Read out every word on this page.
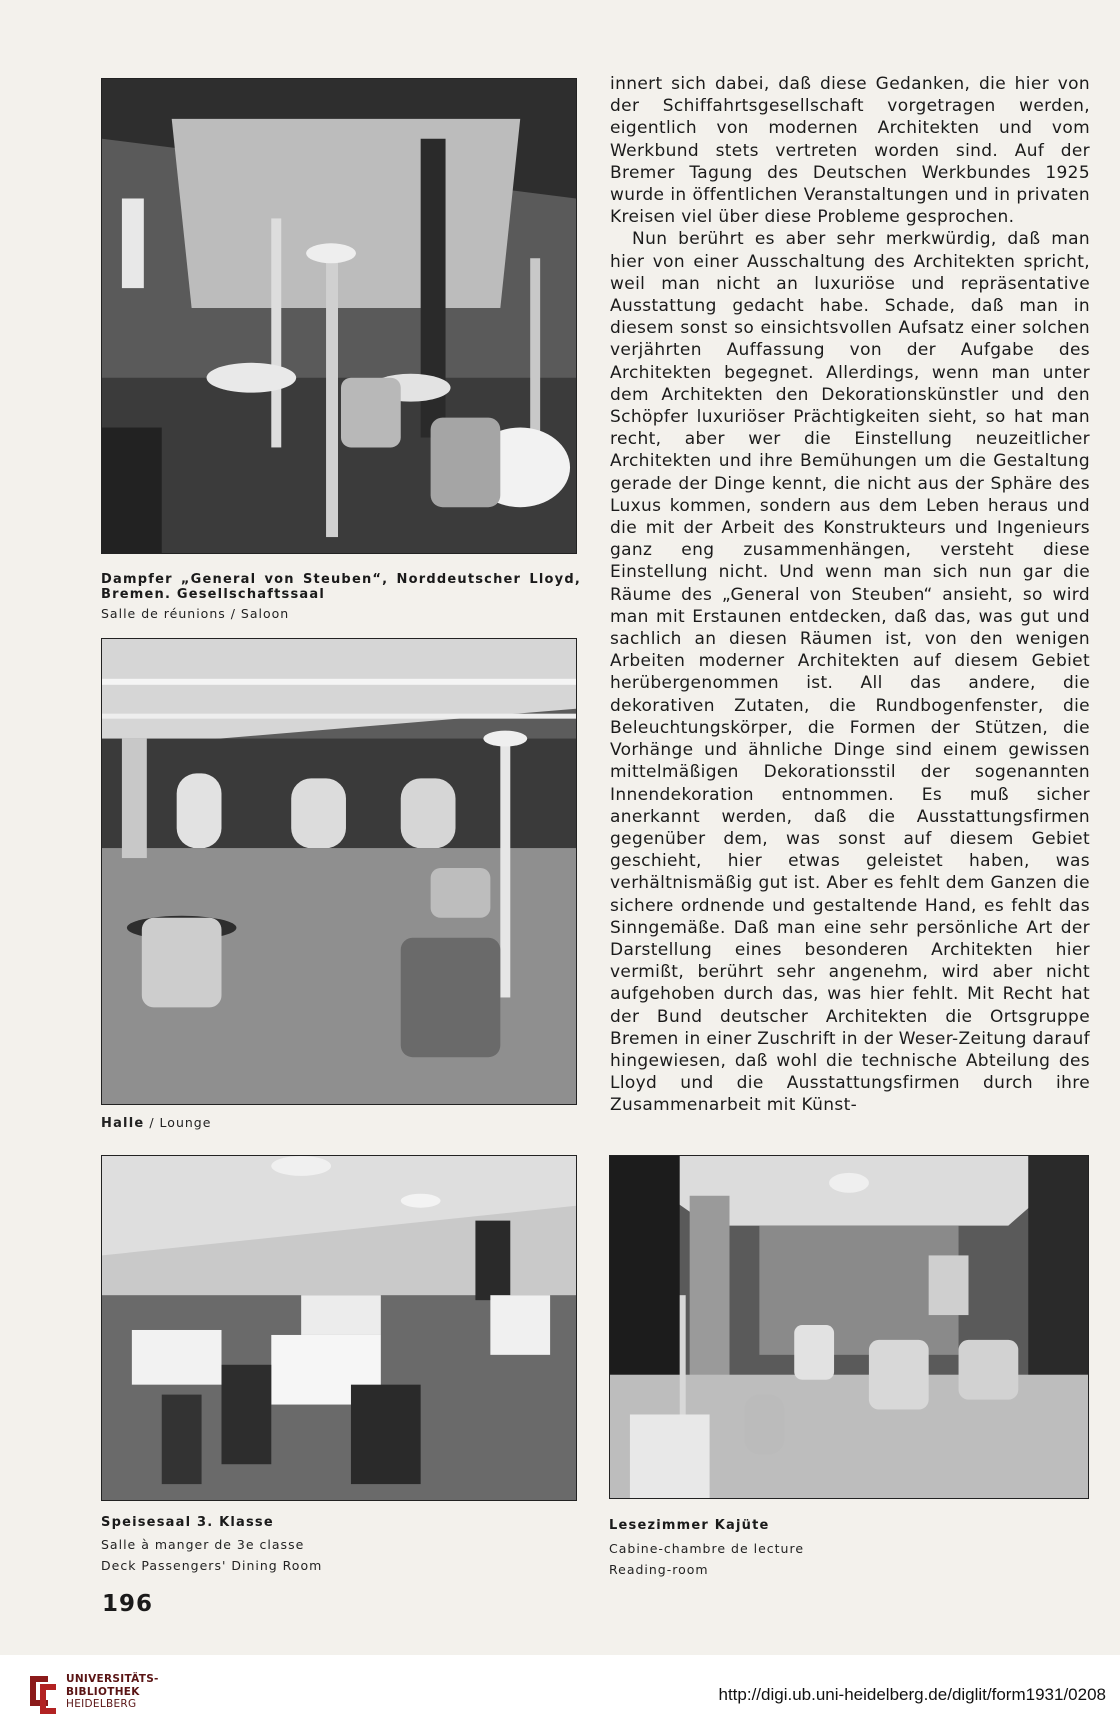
Dampfer „General von Steuben“, Norddeutscher Lloyd, Bremen. Gesellschaftssaal
Salle de réunions / Saloon
Halle / Lounge
Speisesaal 3. Klasse
Salle à manger de 3e classe
Deck Passengers' Dining Room
Lesezimmer Kajüte
Cabine-chambre de lecture
Reading-room

innert sich dabei, daß diese Gedanken, die hier von der Schiffahrtsgesellschaft vorgetragen werden, eigentlich von modernen Architekten und vom Werkbund stets vertreten worden sind. Auf der Bremer Tagung des Deutschen Werkbundes 1925 wurde in öffentlichen Veranstaltungen und in privaten Kreisen viel über diese Probleme gesprochen.

Nun berührt es aber sehr merkwürdig, daß man hier von einer Ausschaltung des Architekten spricht, weil man nicht an luxuriöse und repräsentative Ausstattung gedacht habe. Schade, daß man in diesem sonst so einsichtsvollen Aufsatz einer solchen verjährten Auffassung von der Aufgabe des Architekten begegnet. Allerdings, wenn man unter dem Architekten den Dekorationskünstler und den Schöpfer luxuriöser Prächtigkeiten sieht, so hat man recht, aber wer die Einstellung neuzeitlicher Architekten und ihre Bemühungen um die Gestaltung gerade der Dinge kennt, die nicht aus der Sphäre des Luxus kommen, sondern aus dem Leben heraus und die mit der Arbeit des Konstrukteurs und Ingenieurs ganz eng zusammenhängen, versteht diese Einstellung nicht. Und wenn man sich nun gar die Räume des „General von Steuben“ ansieht, so wird man mit Erstaunen entdecken, daß das, was gut und sachlich an diesen Räumen ist, von den wenigen Arbeiten moderner Architekten auf diesem Gebiet herübergenommen ist. All das andere, die dekorativen Zutaten, die Rundbogenfenster, die Beleuchtungskörper, die Formen der Stützen, die Vorhänge und ähnliche Dinge sind einem gewissen mittelmäßigen Dekorationsstil der sogenannten Innendekoration entnommen. Es muß sicher anerkannt werden, daß die Ausstattungsfirmen gegenüber dem, was sonst auf diesem Gebiet geschieht, hier etwas geleistet haben, was verhältnismäßig gut ist. Aber es fehlt dem Ganzen die sichere ordnende und gestaltende Hand, es fehlt das Sinngemäße. Daß man eine sehr persönliche Art der Darstellung eines besonderen Architekten hier vermißt, berührt sehr angenehm, wird aber nicht aufgehoben durch das, was hier fehlt. Mit Recht hat der Bund deutscher Architekten die Ortsgruppe Bremen in einer Zuschrift in der Weser-Zeitung darauf hingewiesen, daß wohl die technische Abteilung des Lloyd und die Ausstattungsfirmen durch ihre Zusammenarbeit mit Künst-

196
UNIVERSITÄTS-
BIBLIOTHEK
HEIDELBERG	http://digi.ub.uni-heidelberg.de/diglit/form1931/0208
